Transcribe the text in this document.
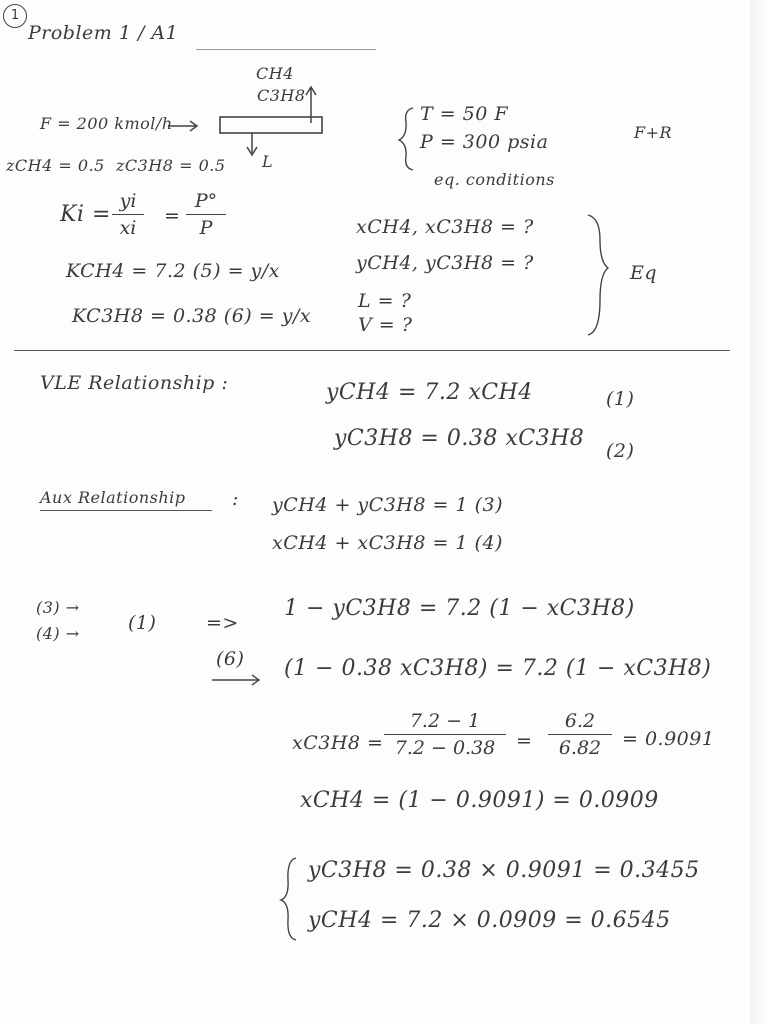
1
Problem 1 / A1
CH4
C3H8
F = 200 kmol/h
L
T = 50 F
P = 300 psia
eq. conditions
F+R
zCH4 = 0.5 zC3H8 = 0.5
Ki =
yi
xi
=
P°
P
KCH4 = 7.2 (5) = y/x
KC3H8 = 0.38 (6) = y/x
xCH4, xC3H8 = ?
yCH4, yC3H8 = ?
L = ?
V = ?
Eq
VLE Relationship :	yCH4 = 7.2 xCH4	(1)
yC3H8 = 0.38 xC3H8 (2)
Aux Relationship : yCH4 + yC3H8 = 1 (3)
xCH4 + xC3H8 = 1 (4)
(3) →
(4) →	(1)	=>
1 − yC3H8 = 7.2 (1 − xC3H8)
(6) (1 − 0.38 xC3H8) = 7.2 (1 − xC3H8)
xC3H8 =
7.2 − 1
7.2 − 0.38	=
6.2
6.82	= 0.9091
xCH4 = (1 − 0.9091) = 0.0909
yC3H8 = 0.38 × 0.9091 = 0.3455
yCH4 = 7.2 × 0.0909 = 0.6545
